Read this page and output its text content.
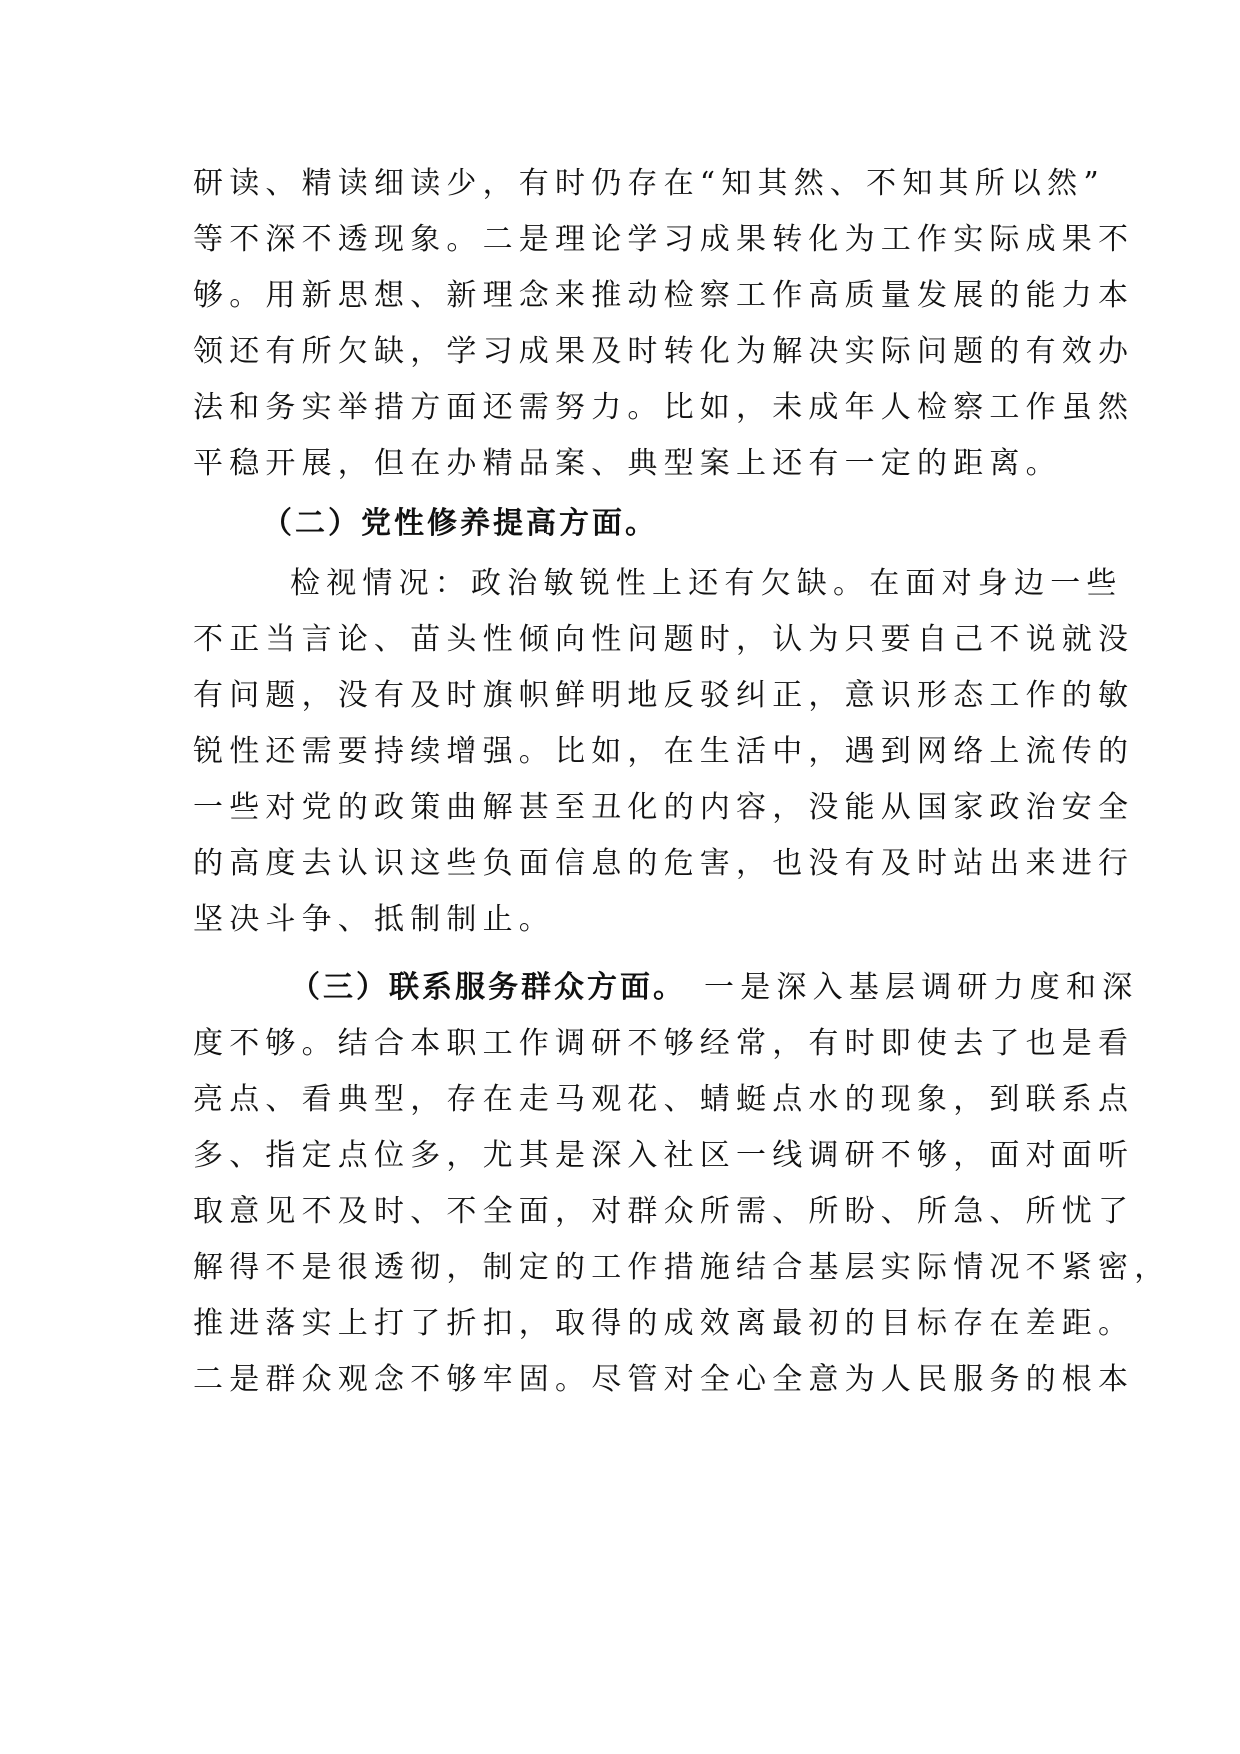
研读、精读细读少，有时仍存在“知其然、不知其所以然”
等不深不透现象。二是理论学习成果转化为工作实际成果不
够。用新思想、新理念来推动检察工作高质量发展的能力本
领还有所欠缺，学习成果及时转化为解决实际问题的有效办
法和务实举措方面还需努力。比如，未成年人检察工作虽然
平稳开展，但在办精品案、典型案上还有一定的距离。
（二）党性修养提高方面。
检视情况：政治敏锐性上还有欠缺。在面对身边一些
不正当言论、苗头性倾向性问题时，认为只要自己不说就没
有问题，没有及时旗帜鲜明地反驳纠正，意识形态工作的敏
锐性还需要持续增强。比如，在生活中，遇到网络上流传的
一些对党的政策曲解甚至丑化的内容，没能从国家政治安全
的高度去认识这些负面信息的危害，也没有及时站出来进行
坚决斗争、抵制制止。
（三）联系服务群众方面。 一是深入基层调研力度和深
度不够。结合本职工作调研不够经常，有时即使去了也是看
亮点、看典型，存在走马观花、蜻蜓点水的现象，到联系点
多、指定点位多，尤其是深入社区一线调研不够，面对面听
取意见不及时、不全面，对群众所需、所盼、所急、所忧了
解得不是很透彻，制定的工作措施结合基层实际情况不紧密，
推进落实上打了折扣，取得的成效离最初的目标存在差距。
二是群众观念不够牢固。尽管对全心全意为人民服务的根本
